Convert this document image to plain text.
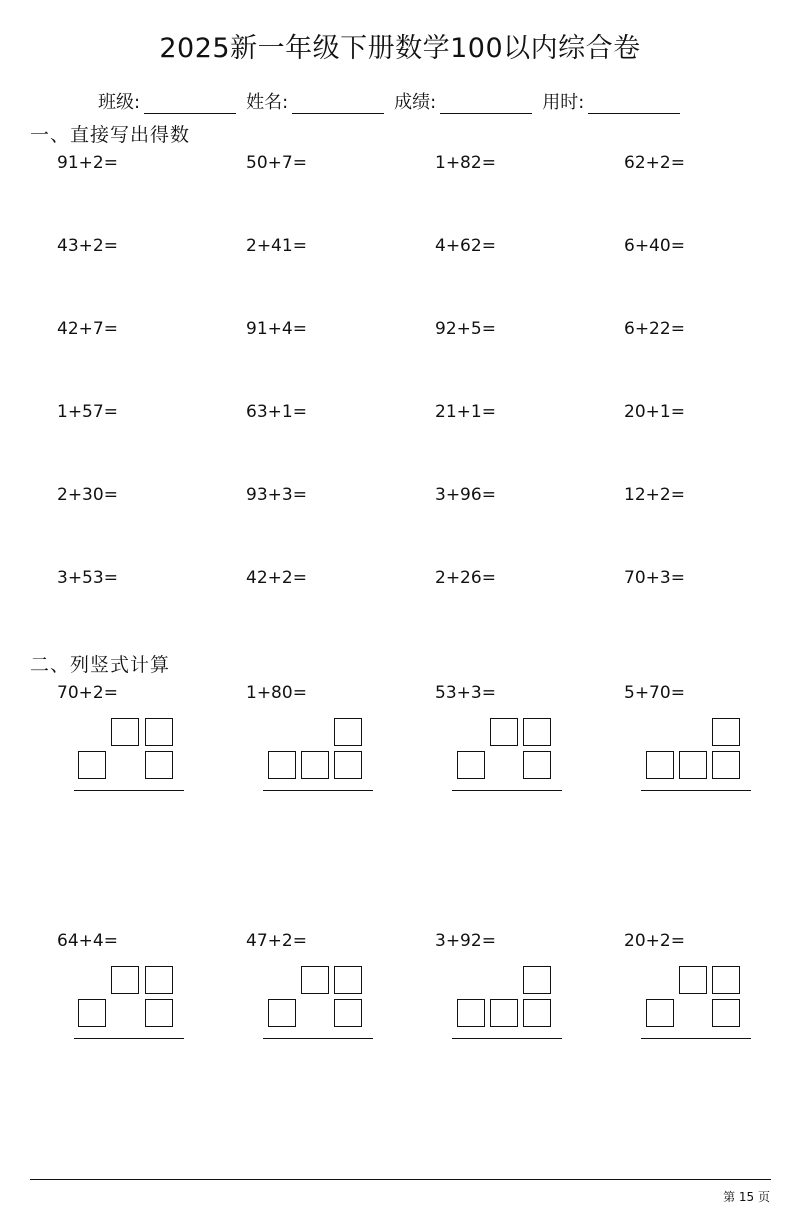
2025新一年级下册数学100以内综合卷
班级:	姓名:	成绩:	用时:
一、直接写出得数
91+2=	50+7=	1+82=	62+2=
43+2=	2+41=	4+62=	6+40=
42+7=	91+4=	92+5=	6+22=
1+57=	63+1=	21+1=	20+1=
2+30=	93+3=	3+96=	12+2=
3+53=	42+2=	2+26=	70+3=
二、列竖式计算
70+2=	1+80=	53+3=	5+70=
64+4=	47+2=	3+92=	20+2=
第 15 页
